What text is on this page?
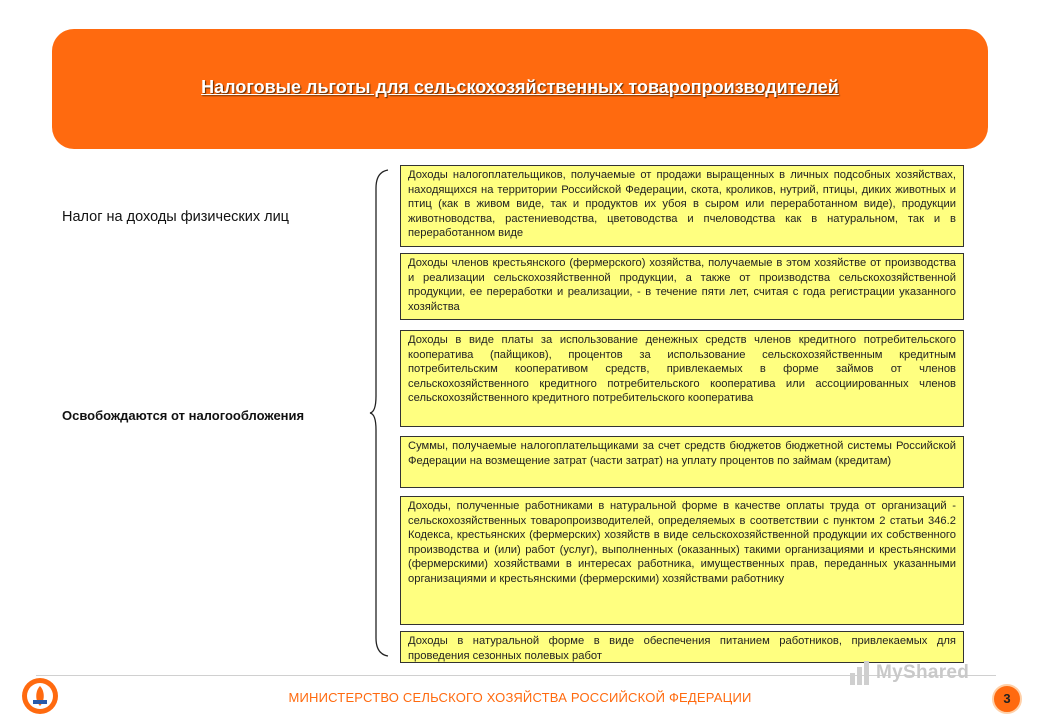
Налоговые льготы для сельскохозяйственных товаропроизводителей
Налог на доходы физических лиц
Освобождаются от налогообложения
Доходы налогоплательщиков, получаемые от продажи выращенных в личных подсобных хозяйствах, находящихся на территории Российской Федерации, скота, кроликов, нутрий, птицы, диких животных и птиц (как в живом виде, так и продуктов их убоя в сыром или переработанном виде), продукции животноводства, растениеводства, цветоводства и пчеловодства как в натуральном, так и в переработанном виде
Доходы членов крестьянского (фермерского) хозяйства, получаемые в этом хозяйстве от производства и реализации сельскохозяйственной продукции, а также от производства сельскохозяйственной продукции, ее переработки и реализации, - в течение пяти лет, считая с года регистрации указанного хозяйства
Доходы в виде платы за использование денежных средств членов кредитного потребительского кооператива (пайщиков), процентов за использование сельскохозяйственным кредитным потребительским кооперативом средств, привлекаемых в форме займов от членов сельскохозяйственного кредитного потребительского кооператива или ассоциированных членов сельскохозяйственного кредитного потребительского кооператива
Суммы, получаемые налогоплательщиками за счет средств бюджетов бюджетной системы Российской Федерации на возмещение затрат (части затрат) на уплату процентов по займам (кредитам)
Доходы, полученные работниками в натуральной форме в качестве оплаты труда от организаций - сельскохозяйственных товаропроизводителей, определяемых в соответствии с пунктом 2 статьи 346.2 Кодекса, крестьянских (фермерских) хозяйств в виде сельскохозяйственной продукции их собственного производства и (или) работ (услуг), выполненных (оказанных) такими организациями и крестьянскими (фермерскими) хозяйствами в интересах работника, имущественных прав, переданных указанными организациями и крестьянскими (фермерскими) хозяйствами работнику
Доходы в натуральной форме в виде обеспечения питанием работников, привлекаемых для проведения сезонных полевых работ
МИНИСТЕРСТВО СЕЛЬСКОГО ХОЗЯЙСТВА РОССИЙСКОЙ ФЕДЕРАЦИИ	3
MyShared
